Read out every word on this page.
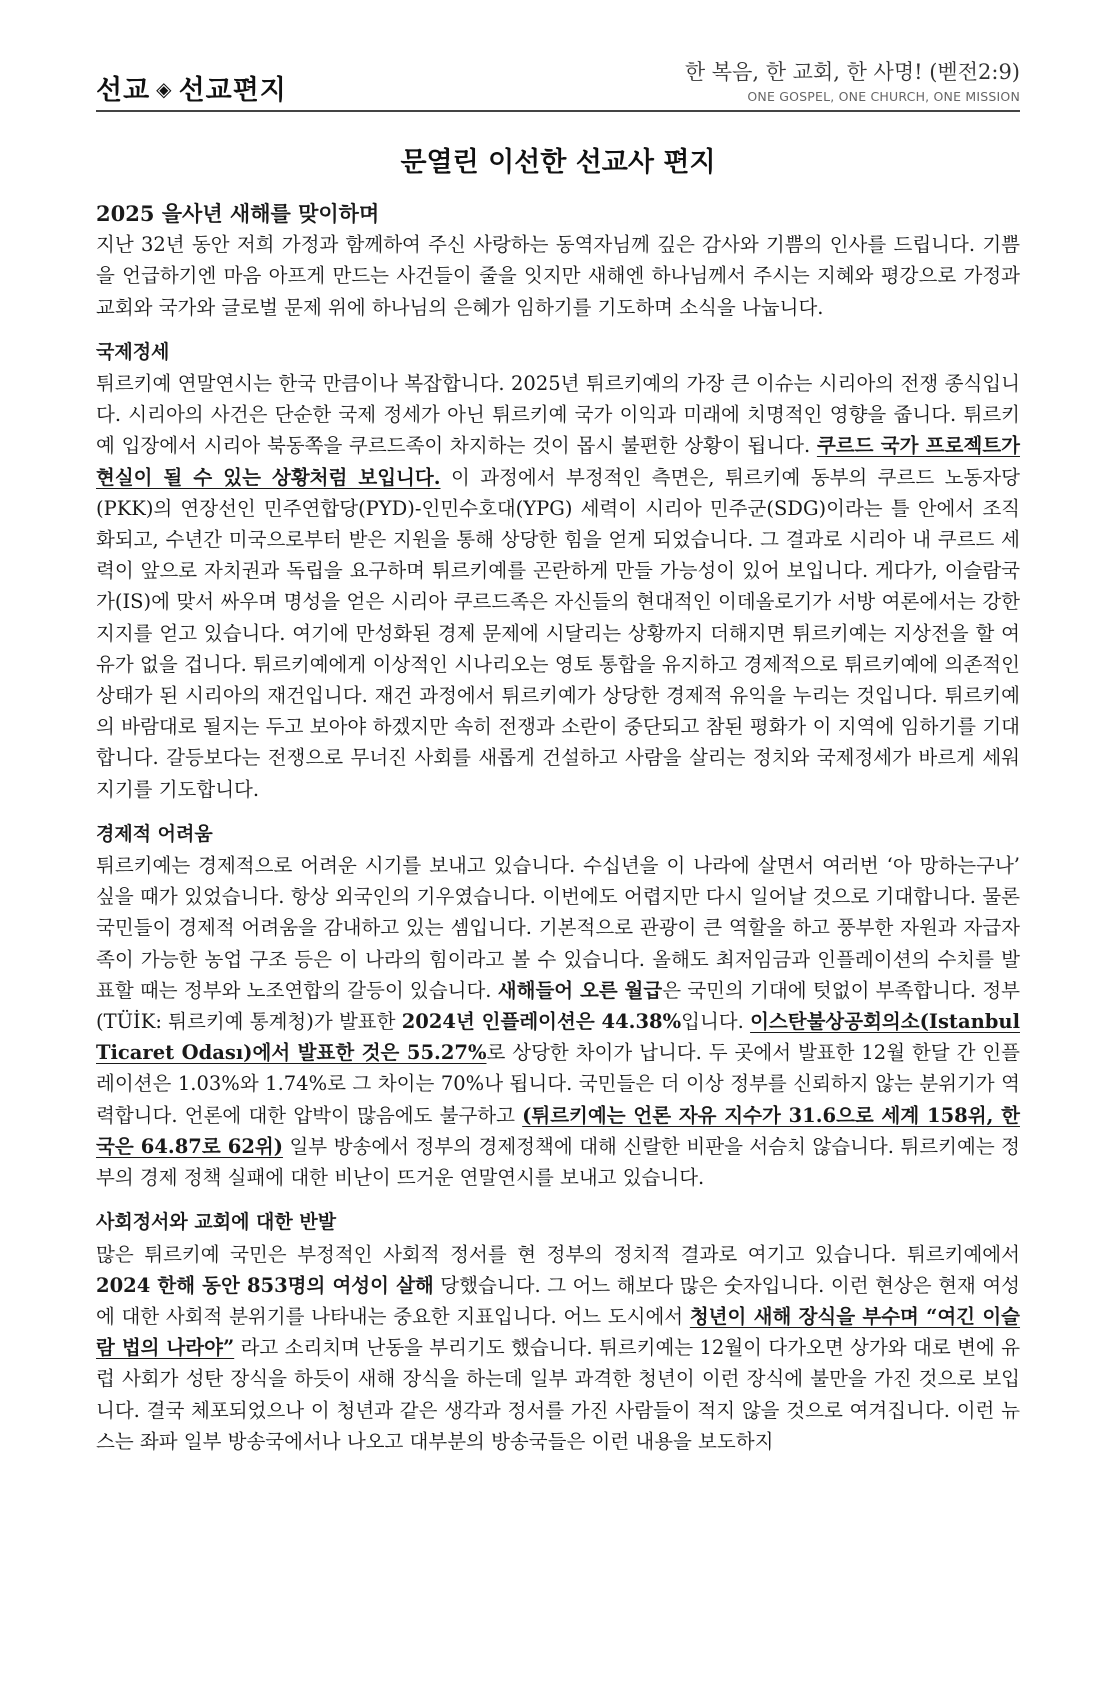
선교 ◈ 선교편지
한 복음, 한 교회, 한 사명! (벧전2:9)
ONE GOSPEL, ONE CHURCH, ONE MISSION
문열린 이선한 선교사 편지
2025 을사년 새해를 맞이하며

지난 32년 동안 저희 가정과 함께하여 주신 사랑하는 동역자님께 깊은 감사와 기쁨의 인사를 드립니다. 기쁨을 언급하기엔 마음 아프게 만드는 사건들이 줄을 잇지만 새해엔 하나님께서 주시는 지혜와 평강으로 가정과 교회와 국가와 글로벌 문제 위에 하나님의 은혜가 임하기를 기도하며 소식을 나눕니다.

국제정세

튀르키예 연말연시는 한국 만큼이나 복잡합니다. 2025년 튀르키예의 가장 큰 이슈는 시리아의 전쟁 종식입니다. 시리아의 사건은 단순한 국제 정세가 아닌 튀르키예 국가 이익과 미래에 치명적인 영향을 줍니다. 튀르키예 입장에서 시리아 북동쪽을 쿠르드족이 차지하는 것이 몹시 불편한 상황이 됩니다. 쿠르드 국가 프로젝트가 현실이 될 수 있는 상황처럼 보입니다. 이 과정에서 부정적인 측면은, 튀르키예 동부의 쿠르드 노동자당(PKK)의 연장선인 민주연합당(PYD)-인민수호대(YPG) 세력이 시리아 민주군(SDG)이라는 틀 안에서 조직화되고, 수년간 미국으로부터 받은 지원을 통해 상당한 힘을 얻게 되었습니다. 그 결과로 시리아 내 쿠르드 세력이 앞으로 자치권과 독립을 요구하며 튀르키예를 곤란하게 만들 가능성이 있어 보입니다. 게다가, 이슬람국가(IS)에 맞서 싸우며 명성을 얻은 시리아 쿠르드족은 자신들의 현대적인 이데올로기가 서방 여론에서는 강한 지지를 얻고 있습니다. 여기에 만성화된 경제 문제에 시달리는 상황까지 더해지면 튀르키예는 지상전을 할 여유가 없을 겁니다. 튀르키예에게 이상적인 시나리오는 영토 통합을 유지하고 경제적으로 튀르키예에 의존적인 상태가 된 시리아의 재건입니다. 재건 과정에서 튀르키예가 상당한 경제적 유익을 누리는 것입니다. 튀르키예의 바람대로 될지는 두고 보아야 하겠지만 속히 전쟁과 소란이 중단되고 참된 평화가 이 지역에 임하기를 기대합니다. 갈등보다는 전쟁으로 무너진 사회를 새롭게 건설하고 사람을 살리는 정치와 국제정세가 바르게 세워지기를 기도합니다.

경제적 어려움

튀르키예는 경제적으로 어려운 시기를 보내고 있습니다. 수십년을 이 나라에 살면서 여러번 ‘아 망하는구나’ 싶을 때가 있었습니다. 항상 외국인의 기우였습니다. 이번에도 어렵지만 다시 일어날 것으로 기대합니다. 물론 국민들이 경제적 어려움을 감내하고 있는 셈입니다. 기본적으로 관광이 큰 역할을 하고 풍부한 자원과 자급자족이 가능한 농업 구조 등은 이 나라의 힘이라고 볼 수 있습니다. 올해도 최저임금과 인플레이션의 수치를 발표할 때는 정부와 노조연합의 갈등이 있습니다. 새해들어 오른 월급은 국민의 기대에 텃없이 부족합니다. 정부(TÜİK: 튀르키예 통계청)가 발표한 2024년 인플레이션은 44.38%입니다. 이스탄불상공회의소(Istanbul Ticaret Odası)에서 발표한 것은 55.27%로 상당한 차이가 납니다. 두 곳에서 발표한 12월 한달 간 인플레이션은 1.03%와 1.74%로 그 차이는 70%나 됩니다. 국민들은 더 이상 정부를 신뢰하지 않는 분위기가 역력합니다. 언론에 대한 압박이 많음에도 불구하고 (튀르키예는 언론 자유 지수가 31.6으로 세계 158위, 한국은 64.87로 62위) 일부 방송에서 정부의 경제정책에 대해 신랄한 비판을 서슴치 않습니다. 튀르키예는 정부의 경제 정책 실패에 대한 비난이 뜨거운 연말연시를 보내고 있습니다.

사회정서와 교회에 대한 반발

많은 튀르키예 국민은 부정적인 사회적 정서를 현 정부의 정치적 결과로 여기고 있습니다. 튀르키예에서 2024 한해 동안 853명의 여성이 살해 당했습니다. 그 어느 해보다 많은 숫자입니다. 이런 현상은 현재 여성에 대한 사회적 분위기를 나타내는 중요한 지표입니다. 어느 도시에서 청년이 새해 장식을 부수며 “여긴 이슬람 법의 나라야” 라고 소리치며 난동을 부리기도 했습니다. 튀르키예는 12월이 다가오면 상가와 대로 변에 유럽 사회가 성탄 장식을 하듯이 새해 장식을 하는데 일부 과격한 청년이 이런 장식에 불만을 가진 것으로 보입니다. 결국 체포되었으나 이 청년과 같은 생각과 정서를 가진 사람들이 적지 않을 것으로 여겨집니다. 이런 뉴스는 좌파 일부 방송국에서나 나오고 대부분의 방송국들은 이런 내용을 보도하지
